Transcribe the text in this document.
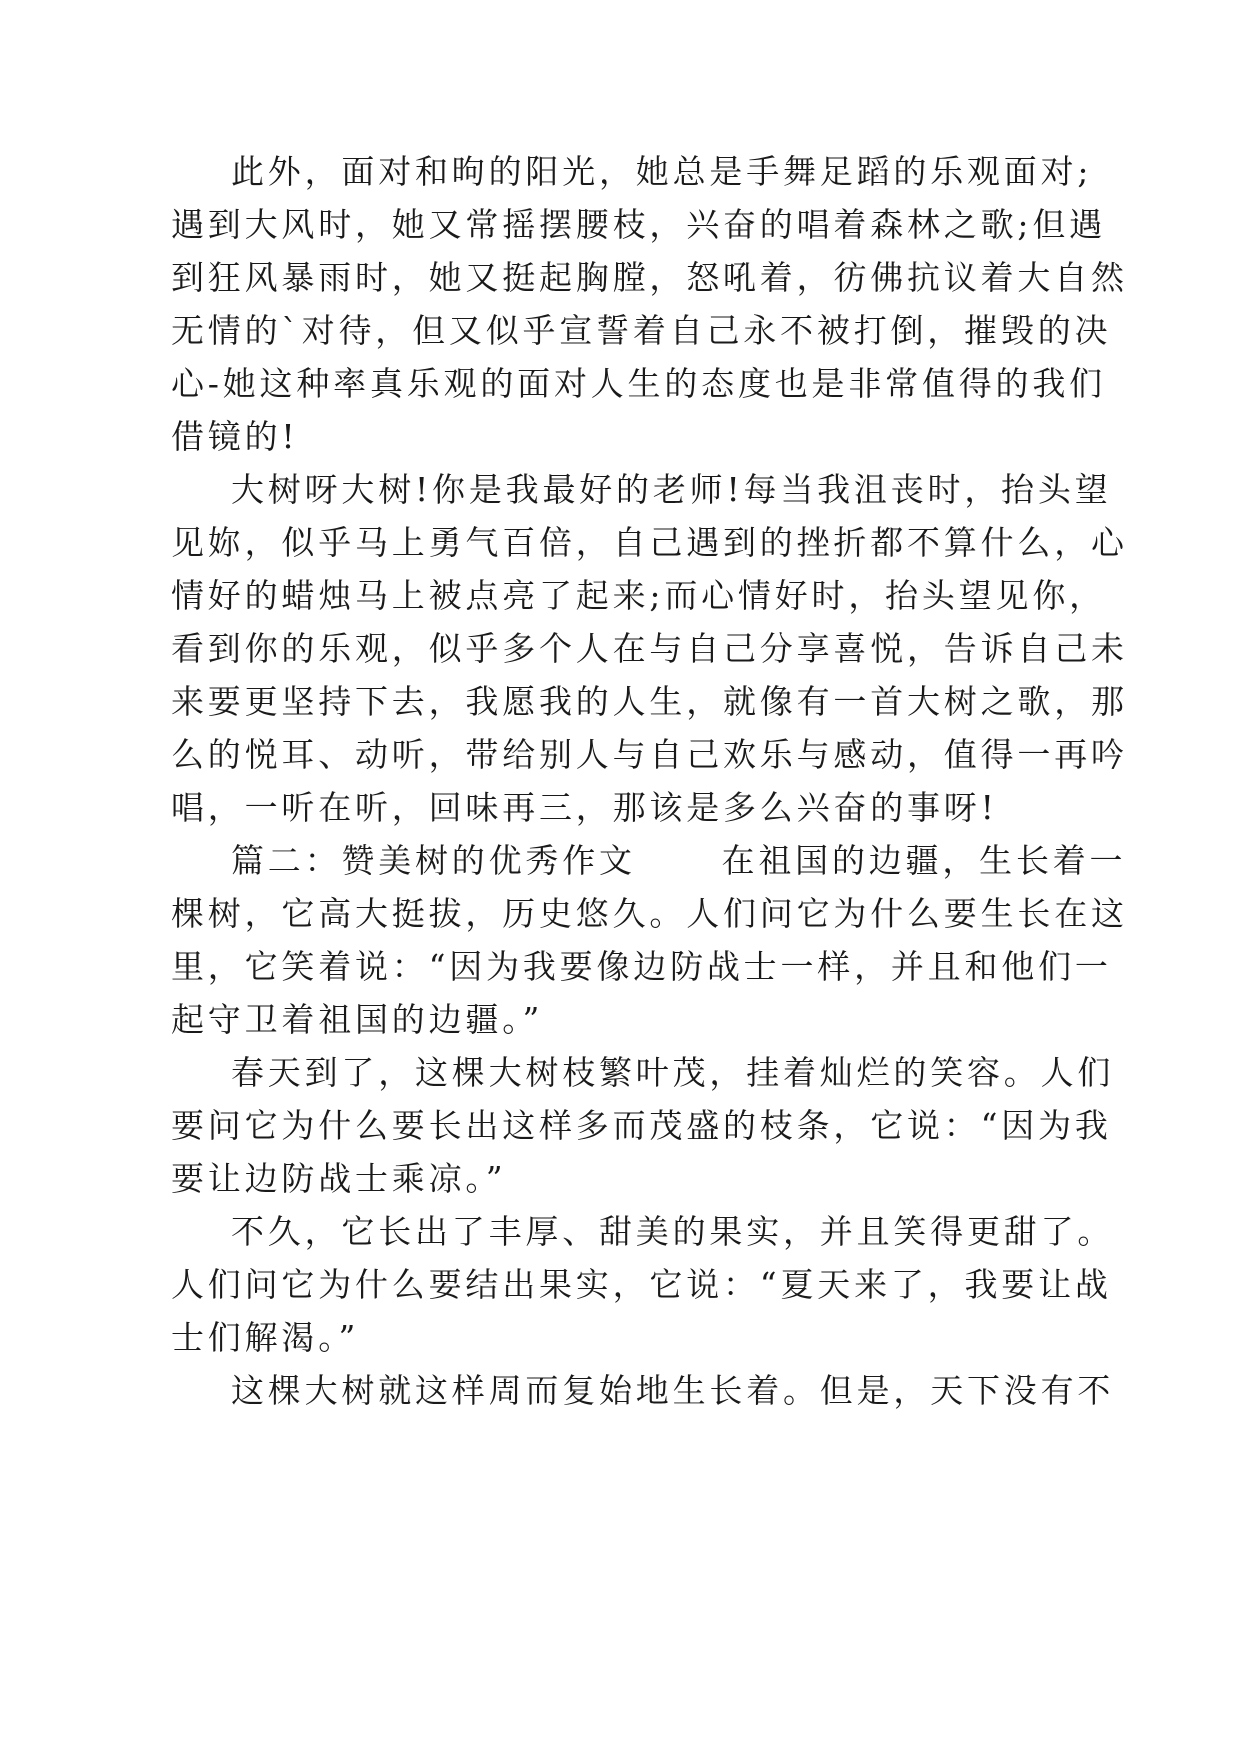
此外，面对和昫的阳光，她总是手舞足蹈的乐观面对;
遇到大风时，她又常摇摆腰枝，兴奋的唱着森林之歌;但遇
到狂风暴雨时，她又挺起胸膛，怒吼着，彷佛抗议着大自然
无情的`对待，但又似乎宣誓着自己永不被打倒，摧毁的决
心-她这种率真乐观的面对人生的态度也是非常值得的我们
借镜的!
大树呀大树!你是我最好的老师!每当我沮丧时，抬头望
见妳，似乎马上勇气百倍，自己遇到的挫折都不算什么，心
情好的蜡烛马上被点亮了起来;而心情好时，抬头望见你，
看到你的乐观，似乎多个人在与自己分享喜悦，告诉自己未
来要更坚持下去，我愿我的人生，就像有一首大树之歌，那
么的悦耳、动听，带给别人与自己欢乐与感动，值得一再吟
唱，一听在听，回味再三，那该是多么兴奋的事呀!
篇二：赞美树的优秀作文      在祖国的边疆，生长着一
棵树，它高大挺拔，历史悠久。人们问它为什么要生长在这
里，它笑着说：“因为我要像边防战士一样，并且和他们一
起守卫着祖国的边疆。”
春天到了，这棵大树枝繁叶茂，挂着灿烂的笑容。人们
要问它为什么要长出这样多而茂盛的枝条，它说：“因为我
要让边防战士乘凉。”
不久，它长出了丰厚、甜美的果实，并且笑得更甜了。
人们问它为什么要结出果实，它说：“夏天来了，我要让战
士们解渴。”
这棵大树就这样周而复始地生长着。但是，天下没有不
